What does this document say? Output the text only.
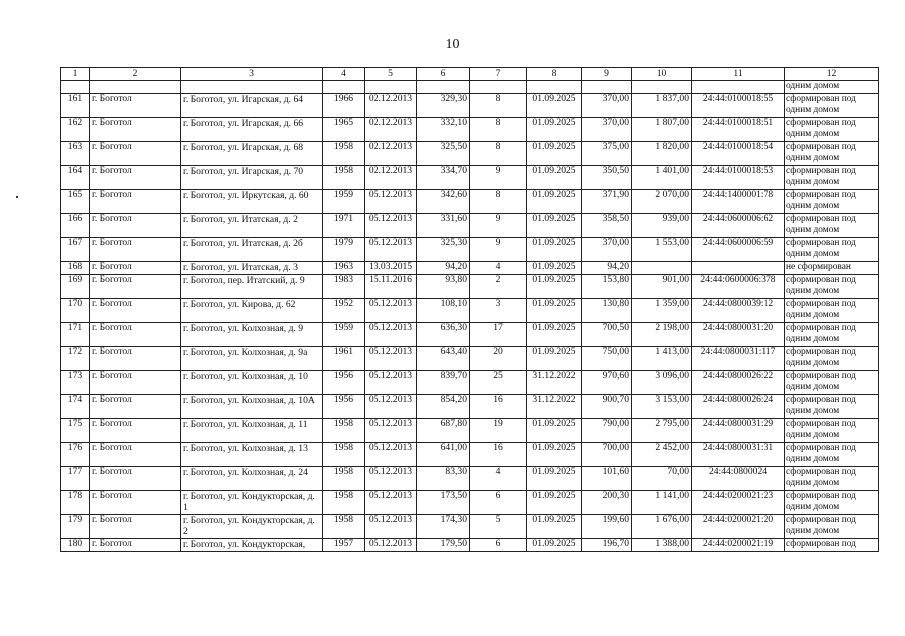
10
1	2	3	4	5	6	7	8	9	10	11	12
											одним домом
161	г. Боготол	г. Боготол, ул. Игарская, д. 64	1966	02.12.2013	329,30	8	01.09.2025	370,00	1 837,00	24:44:0100018:55	сформирован под одним домом
162	г. Боготол	г. Боготол, ул. Игарская, д. 66	1965	02.12.2013	332,10	8	01.09.2025	370,00	1 807,00	24:44:0100018:51	сформирован под одним домом
163	г. Боготол	г. Боготол, ул. Игарская, д. 68	1958	02.12.2013	325,50	8	01.09.2025	375,00	1 820,00	24:44:0100018:54	сформирован под одним домом
164	г. Боготол	г. Боготол, ул. Игарская, д. 70	1958	02.12.2013	334,70	9	01.09.2025	350,50	1 401,00	24:44:0100018:53	сформирован под одним домом
165	г. Боготол	г. Боготол, ул. Иркутская, д. 60	1959	05.12.2013	342,60	8	01.09.2025	371,90	2 070,00	24:44:1400001:78	сформирован под одним домом
166	г. Боготол	г. Боготол, ул. Итатская, д. 2	1971	05.12.2013	331,60	9	01.09.2025	358,50	939,00	24:44:0600006:62	сформирован под одним домом
167	г. Боготол	г. Боготол, ул. Итатская, д. 2б	1979	05.12.2013	325,30	9	01.09.2025	370,00	1 553,00	24:44:0600006:59	сформирован под одним домом
168	г. Боготол	г. Боготол, ул. Итатская, д. 3	1963	13.03.2015	94,20	4	01.09.2025	94,20			не сформирован
169	г. Боготол	г. Боготол, пер. Итатский, д. 9	1983	15.11.2016	93,80	2	01.09.2025	153,80	901,00	24:44:0600006:378	сформирован под одним домом
170	г. Боготол	г. Боготол, ул. Кирова, д. 62	1952	05.12.2013	108,10	3	01.09.2025	130,80	1 359,00	24:44:0800039:12	сформирован под одним домом
171	г. Боготол	г. Боготол, ул. Колхозная, д. 9	1959	05.12.2013	636,30	17	01.09.2025	700,50	2 198,00	24:44:0800031:20	сформирован под одним домом
172	г. Боготол	г. Боготол, ул. Колхозная, д. 9а	1961	05.12.2013	643,40	20	01.09.2025	750,00	1 413,00	24:44:0800031:117	сформирован под одним домом
173	г. Боготол	г. Боготол, ул. Колхозная, д. 10	1956	05.12.2013	839,70	25	31.12.2022	970,60	3 096,00	24:44:0800026:22	сформирован под одним домом
174	г. Боготол	г. Боготол, ул. Колхозная, д. 10А	1956	05.12.2013	854,20	16	31.12.2022	900,70	3 153,00	24:44:0800026:24	сформирован под одним домом
175	г. Боготол	г. Боготол, ул. Колхозная, д. 11	1958	05.12.2013	687,80	19	01.09.2025	790,00	2 795,00	24:44:0800031:29	сформирован под одним домом
176	г. Боготол	г. Боготол, ул. Колхозная, д. 13	1958	05.12.2013	641,00	16	01.09.2025	700,00	2 452,00	24:44:0800031:31	сформирован под одним домом
177	г. Боготол	г. Боготол, ул. Колхозная, д. 24	1958	05.12.2013	83,30	4	01.09.2025	101,60	70,00	24:44:0800024	сформирован под одним домом
178	г. Боготол	г. Боготол, ул. Кондукторская, д. 1	1958	05.12.2013	173,50	6	01.09.2025	200,30	1 141,00	24:44:0200021:23	сформирован под одним домом
179	г. Боготол	г. Боготол, ул. Кондукторская, д. 2	1958	05.12.2013	174,30	5	01.09.2025	199,60	1 676,00	24:44:0200021:20	сформирован под одним домом
180	г. Боготол	г. Боготол, ул. Кондукторская,	1957	05.12.2013	179,50	6	01.09.2025	196,70	1 388,00	24:44:0200021:19	сформирован под
